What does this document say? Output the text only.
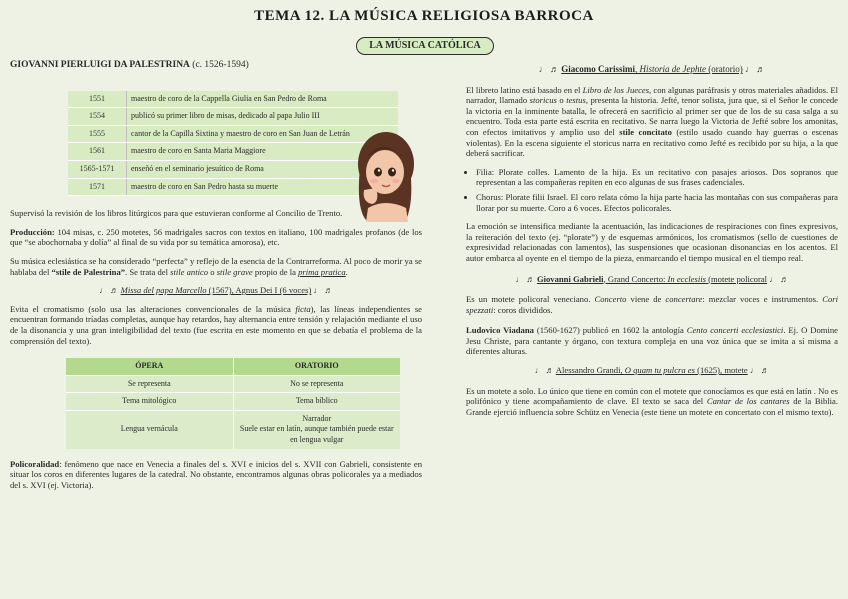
TEMA 12. LA MÚSICA RELIGIOSA BARROCA
LA MÚSICA CATÓLICA
GIOVANNI PIERLUIGI DA PALESTRINA (c. 1526-1594)
1551	maestro de coro de la Cappella Giulia en San Pedro de Roma
1554	publicó su primer libro de misas, dedicado al papa Julio III
1555	cantor de la Capilla Sixtina y maestro de coro en San Juan de Letrán
1561	maestro de coro en Santa Maria Maggiore
1565-1571	enseñó en el seminario jesuítico de Roma
1571	maestro de coro en San Pedro hasta su muerte

Supervisó la revisión de los libros litúrgicos para que estuvieran conforme al Concilio de Trento.

Producción: 104 misas, c. 250 motetes, 56 madrigales sacros con textos en italiano, 100 madrigales profanos (de los que “se abochornaba y dolía” al final de su vida por su temática amorosa), etc.

Su música eclesiástica se ha considerado “perfecta” y reflejo de la esencia de la Contrarreforma. Al poco de morir ya se hablaba del “stile de Palestrina”. Se trata del stile antico o stile grave propio de la prima pratica.

♩ ♬ Missa del papa Marcello (1567), Agnus Dei I (6 voces) ♩ ♬

Evita el cromatismo (solo usa las alteraciones convencionales de la música ficta), las líneas independientes se encuentran formando tríadas completas, aunque hay retardos, hay alternancia entre tensión y relajación mediante el uso de la disonancia y una gran inteligibilidad del texto (fue escrita en este momento en que se debatía el problema de la comprensión del texto).

ÓPERA	ORATORIO
Se representa	No se representa
Tema mitológico	Tema bíblico
Lengua vernácula	Narrador
Suele estar en latín, aunque también puede estar en lengua vulgar

Policoralidad: fenómeno que nace en Venecia a finales del s. XVI e inicios del s. XVII con Gabrieli, consistente en situar los coros en diferentes lugares de la catedral. No obstante, encontramos algunas obras policorales ya a mediados del s. XVI (ej. Victoria).

♩ ♬ Giacomo Carissimi, Historia de Jephte (oratorio) ♩ ♬

El libreto latino está basado en el Libro de los Jueces, con algunas paráfrasis y otros materiales añadidos. El narrador, llamado storicus o testus, presenta la historia. Jefté, tenor solista, jura que, si el Señor le concede la victoria en la inminente batalla, le ofrecerá en sacrificio al primer ser que de los de su casa salga a su encuentro. Toda esta parte está escrita en recitativo. Se narra luego la Victoria de Jefté sobre los amonitas, con efectos imitativos y amplio uso del stile concitato (estilo usado cuando hay guerras o escenas violentas). En la escena siguiente el storicus narra en recitativo como Jefté es recibido por su hija, a la que deberá sacrificar.

• Filia: Plorate colles. Lamento de la hija. Es un recitativo con pasajes ariosos. Dos sopranos que representan a las compañeras repiten en eco algunas de sus frases cadenciales.
• Chorus: Plorate filii Israel. El coro relata cómo la hija parte hacia las montañas con sus compañeras para llorar por su muerte. Coro a 6 voces. Efectos policorales.

La emoción se intensifica mediante la acentuación, las indicaciones de respiraciones con fines expresivos, la reiteración del texto (ej. “plorate”) y de esquemas armónicos, los cromatismos (sello de cuestiones de expresividad relacionadas con lamentos), las suspensiones que ocasionan disonancias en los acentos. El autor embarca al oyente en el tiempo de la pieza, enmarcando el tiempo musical en el tiempo real.

♩ ♬ Giovanni Gabrieli, Grand Concerto: In ecclesiis (motete policoral ♩ ♬

Es un motete policoral veneciano. Concerto viene de concertare: mezclar voces e instrumentos. Cori spezzati: coros divididos.

Ludovico Viadana (1560-1627) publicó en 1602 la antología Cento concerti ecclesiastici. Ej. O Domine Jesu Christe, para cantante y órgano, con textura compleja en una voz única que se imita a sí misma a diferentes alturas.

♩ ♬ Alessandro Grandi, O quam tu pulcra es (1625), motete ♩ ♬

Es un motete a solo. Lo único que tiene en común con el motete que conocíamos es que está en latín . No es polifónico y tiene acompañamiento de clave. El texto se saca del Cantar de los cantares de la Biblia. Grande ejerció influencia sobre Schütz en Venecia (este tiene un motete en concertato con el mismo texto).
